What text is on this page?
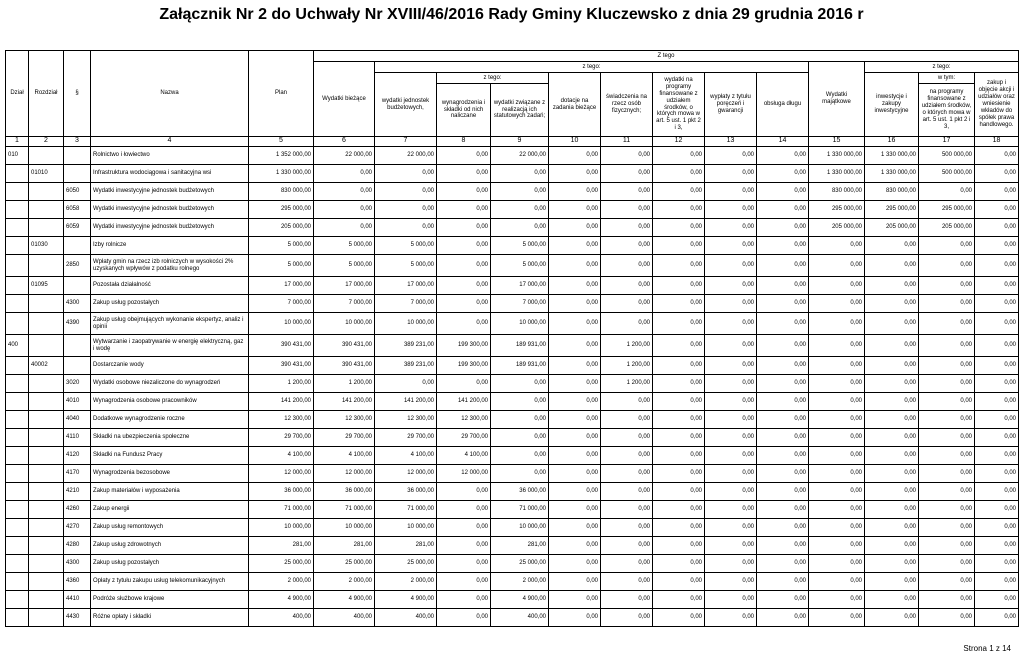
Załącznik Nr 2 do Uchwały Nr XVIII/46/2016 Rady Gminy Kluczewsko z dnia 29 grudnia 2016 r
Dział	Rozdział	§	Nazwa	Plan	Z tego												
					Wydatki bieżące	z tego:								Wydatki majątkowe	z tego:		
						wydatki jednostek budżetowych,	z tego:		dotacje na zadania bieżące	świadczenia na rzecz osób fizycznych;	wydatki na programy finansowane z udziałem środków, o których mowa w art. 5 ust. 1 pkt 2 i 3,	wypłaty z tytułu poręczeń i gwarancji	obsługa długu		inwestycje i zakupy inwestycyjne	w tym:	zakup i objęcie akcji i udziałów oraz wniesienie wkładów do spółek prawa handlowego.
							wynagrodzenia i składki od nich naliczane	wydatki związane z realizacją ich statutowych zadań;								na programy finansowane z udziałem środków, o których mowa w art. 5 ust. 1 pkt 2 i 3,	

1	2	3	4	5	6	7	8	9	10	11	12	13	14	15	16	17	18
010			Rolnictwo i łowiectwo	1 352 000,00	22 000,00	22 000,00	0,00	22 000,00	0,00	0,00	0,00	0,00	0,00	1 330 000,00	1 330 000,00	500 000,00	0,00
	01010		Infrastruktura wodociągowa i sanitacyjna wsi	1 330 000,00	0,00	0,00	0,00	0,00	0,00	0,00	0,00	0,00	0,00	1 330 000,00	1 330 000,00	500 000,00	0,00
		6050	Wydatki inwestycyjne jednostek budżetowych	830 000,00	0,00	0,00	0,00	0,00	0,00	0,00	0,00	0,00	0,00	830 000,00	830 000,00	0,00	0,00
		6058	Wydatki inwestycyjne jednostek budżetowych	295 000,00	0,00	0,00	0,00	0,00	0,00	0,00	0,00	0,00	0,00	295 000,00	295 000,00	295 000,00	0,00
		6059	Wydatki inwestycyjne jednostek budżetowych	205 000,00	0,00	0,00	0,00	0,00	0,00	0,00	0,00	0,00	0,00	205 000,00	205 000,00	205 000,00	0,00
	01030		Izby rolnicze	5 000,00	5 000,00	5 000,00	0,00	5 000,00	0,00	0,00	0,00	0,00	0,00	0,00	0,00	0,00	0,00
		2850	Wpłaty gmin na rzecz izb rolniczych w wysokości 2% uzyskanych wpływów z podatku rolnego	5 000,00	5 000,00	5 000,00	0,00	5 000,00	0,00	0,00	0,00	0,00	0,00	0,00	0,00	0,00	0,00
	01095		Pozostała działalność	17 000,00	17 000,00	17 000,00	0,00	17 000,00	0,00	0,00	0,00	0,00	0,00	0,00	0,00	0,00	0,00
		4300	Zakup usług pozostałych	7 000,00	7 000,00	7 000,00	0,00	7 000,00	0,00	0,00	0,00	0,00	0,00	0,00	0,00	0,00	0,00
		4390	Zakup usług obejmujących wykonanie ekspertyz, analiz i opinii	10 000,00	10 000,00	10 000,00	0,00	10 000,00	0,00	0,00	0,00	0,00	0,00	0,00	0,00	0,00	0,00
400			Wytwarzanie i zaopatrywanie w energię elektryczną, gaz i wodę	390 431,00	390 431,00	389 231,00	199 300,00	189 931,00	0,00	1 200,00	0,00	0,00	0,00	0,00	0,00	0,00	0,00
	40002		Dostarczanie wody	390 431,00	390 431,00	389 231,00	199 300,00	189 931,00	0,00	1 200,00	0,00	0,00	0,00	0,00	0,00	0,00	0,00
		3020	Wydatki osobowe niezaliczone do wynagrodzeń	1 200,00	1 200,00	0,00	0,00	0,00	0,00	1 200,00	0,00	0,00	0,00	0,00	0,00	0,00	0,00
		4010	Wynagrodzenia osobowe pracowników	141 200,00	141 200,00	141 200,00	141 200,00	0,00	0,00	0,00	0,00	0,00	0,00	0,00	0,00	0,00	0,00
		4040	Dodatkowe wynagrodzenie roczne	12 300,00	12 300,00	12 300,00	12 300,00	0,00	0,00	0,00	0,00	0,00	0,00	0,00	0,00	0,00	0,00
		4110	Składki na ubezpieczenia społeczne	29 700,00	29 700,00	29 700,00	29 700,00	0,00	0,00	0,00	0,00	0,00	0,00	0,00	0,00	0,00	0,00
		4120	Składki na Fundusz Pracy	4 100,00	4 100,00	4 100,00	4 100,00	0,00	0,00	0,00	0,00	0,00	0,00	0,00	0,00	0,00	0,00
		4170	Wynagrodzenia bezosobowe	12 000,00	12 000,00	12 000,00	12 000,00	0,00	0,00	0,00	0,00	0,00	0,00	0,00	0,00	0,00	0,00
		4210	Zakup materiałów i wyposażenia	36 000,00	36 000,00	36 000,00	0,00	36 000,00	0,00	0,00	0,00	0,00	0,00	0,00	0,00	0,00	0,00
		4260	Zakup energii	71 000,00	71 000,00	71 000,00	0,00	71 000,00	0,00	0,00	0,00	0,00	0,00	0,00	0,00	0,00	0,00
		4270	Zakup usług remontowych	10 000,00	10 000,00	10 000,00	0,00	10 000,00	0,00	0,00	0,00	0,00	0,00	0,00	0,00	0,00	0,00
		4280	Zakup usług zdrowotnych	281,00	281,00	281,00	0,00	281,00	0,00	0,00	0,00	0,00	0,00	0,00	0,00	0,00	0,00
		4300	Zakup usług pozostałych	25 000,00	25 000,00	25 000,00	0,00	25 000,00	0,00	0,00	0,00	0,00	0,00	0,00	0,00	0,00	0,00
		4360	Opłaty z tytułu zakupu usług telekomunikacyjnych	2 000,00	2 000,00	2 000,00	0,00	2 000,00	0,00	0,00	0,00	0,00	0,00	0,00	0,00	0,00	0,00
		4410	Podróże służbowe krajowe	4 900,00	4 900,00	4 900,00	0,00	4 900,00	0,00	0,00	0,00	0,00	0,00	0,00	0,00	0,00	0,00
		4430	Różne opłaty i składki	400,00	400,00	400,00	0,00	400,00	0,00	0,00	0,00	0,00	0,00	0,00	0,00	0,00	0,00
Strona 1 z 14
